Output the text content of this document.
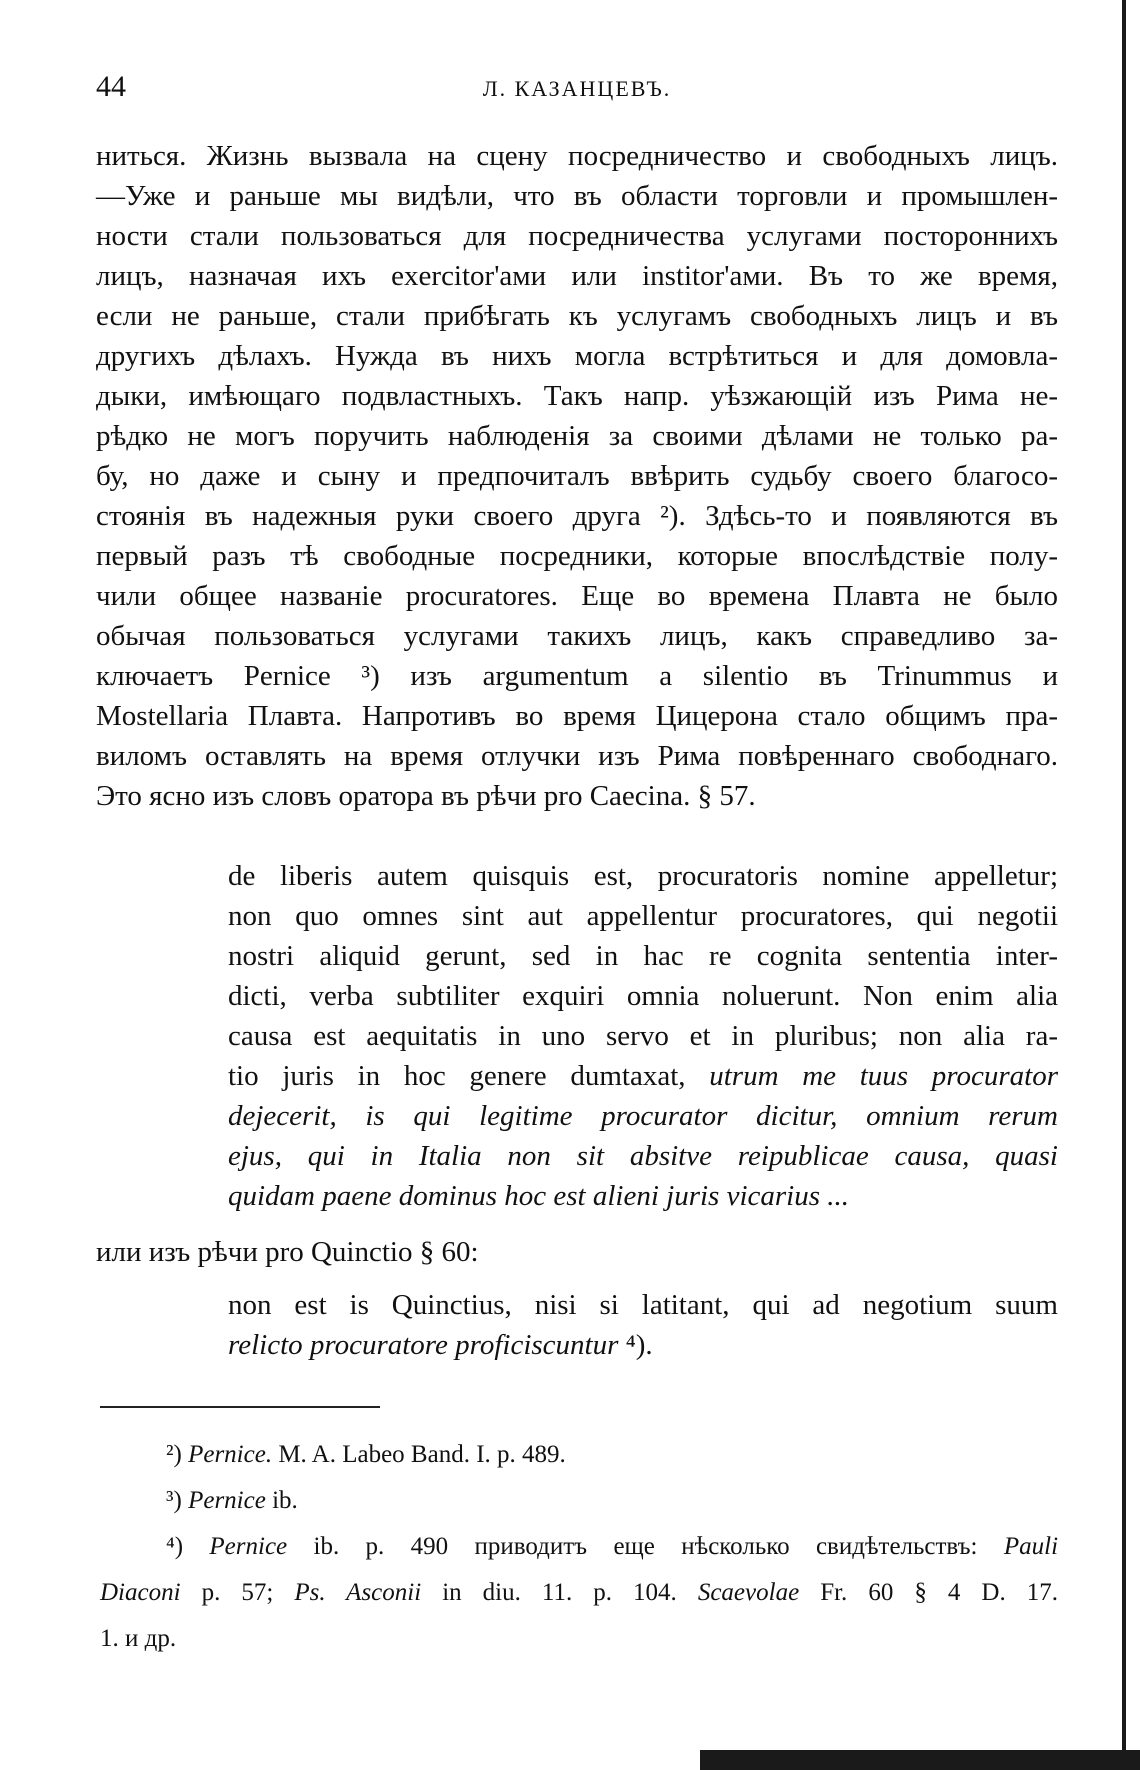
44	Л. КАЗАНЦЕВЪ.
ниться. Жизнь вызвала на сцену посредничество и свободныхъ лицъ.
—Уже и раньше мы видѣли, что въ области торговли и промышлен-
ности стали пользоваться для посредничества услугами постороннихъ
лицъ, назначая ихъ exercitor'ами или institor'ами. Въ то же время,
если не раньше, стали прибѣгать къ услугамъ свободныхъ лицъ и въ
другихъ дѣлахъ. Нужда въ нихъ могла встрѣтиться и для домовла-
дыки, имѣющаго подвластныхъ. Такъ напр. уѣзжающій изъ Рима не-
рѣдко не могъ поручить наблюденія за своими дѣлами не только ра-
бу, но даже и сыну и предпочиталъ ввѣрить судьбу своего благосо-
стоянія въ надежныя руки своего друга ²). Здѣсь-то и появляются въ
первый разъ тѣ свободные посредники, которые впослѣдствіе полу-
чили общее названіе procuratores. Еще во времена Плавта не было
обычая пользоваться услугами такихъ лицъ, какъ справедливо за-
ключаетъ Pernice ³) изъ argumentum a silentio въ Trinummus и
Mostellaria Плавта. Напротивъ во время Цицерона стало общимъ пра-
виломъ оставлять на время отлучки изъ Рима повѣреннаго свободнаго.
Это ясно изъ словъ оратора въ рѣчи pro Caecina. § 57.
de liberis autem quisquis est, procuratoris nomine appelletur;
non quo omnes sint aut appellentur procuratores, qui negotii
nostri aliquid gerunt, sed in hac re cognita sententia inter-
dicti, verba subtiliter exquiri omnia noluerunt. Non enim alia
causa est aequitatis in uno servo et in pluribus; non alia ra-
tio juris in hoc genere dumtaxat, utrum me tuus procurator
dejecerit, is qui legitime procurator dicitur, omnium rerum
ejus, qui in Italia non sit absitve reipublicae causa, quasi
quidam paene dominus hoc est alieni juris vicarius ...
или изъ рѣчи pro Quinctio § 60:
non est is Quinctius, nisi si latitant, qui ad negotium suum
relicto procuratore proficiscuntur ⁴).
²) Pernice. M. A. Labeo Band. I. p. 489.
³) Pernice ib.
⁴) Pernice ib. p. 490 приводитъ еще нѣсколько свидѣтельствъ: Pauli
Diaconi p. 57; Ps. Asconii in diu. 11. p. 104. Scaevolae Fr. 60 § 4 D. 17.
1. и др.
